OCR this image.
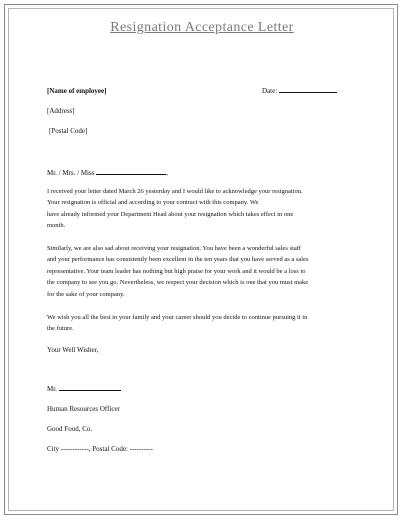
Resignation Acceptance Letter
[Name of employee]	Date:
[Address]
[Postal Code]
Mr. / Mrs. / Miss	,
I received your letter dated March 26 yesterday and I would like to acknowledge your resignation.
Your resignation is official and according to your contract with this company. We
have already informed your Department Head about your resignation which takes effect in one
month.
Similarly, we are also sad about receiving your resignation. You have been a wonderful sales staff
and your performance has consistently been excellent in the ten years that you have served as a sales
representative. Your team leader has nothing but high praise for your work and it would be a loss to
the company to see you go. Nevertheless, we respect your decision which is one that you must make
for the sake of your company.
We wish you all the best in your family and your career should you decide to continue pursuing it in
the future.
Your Well Wisher,
Mr.
Human Resources Officer
Good Food, Co.
City ------------, Postal Code: ----------
